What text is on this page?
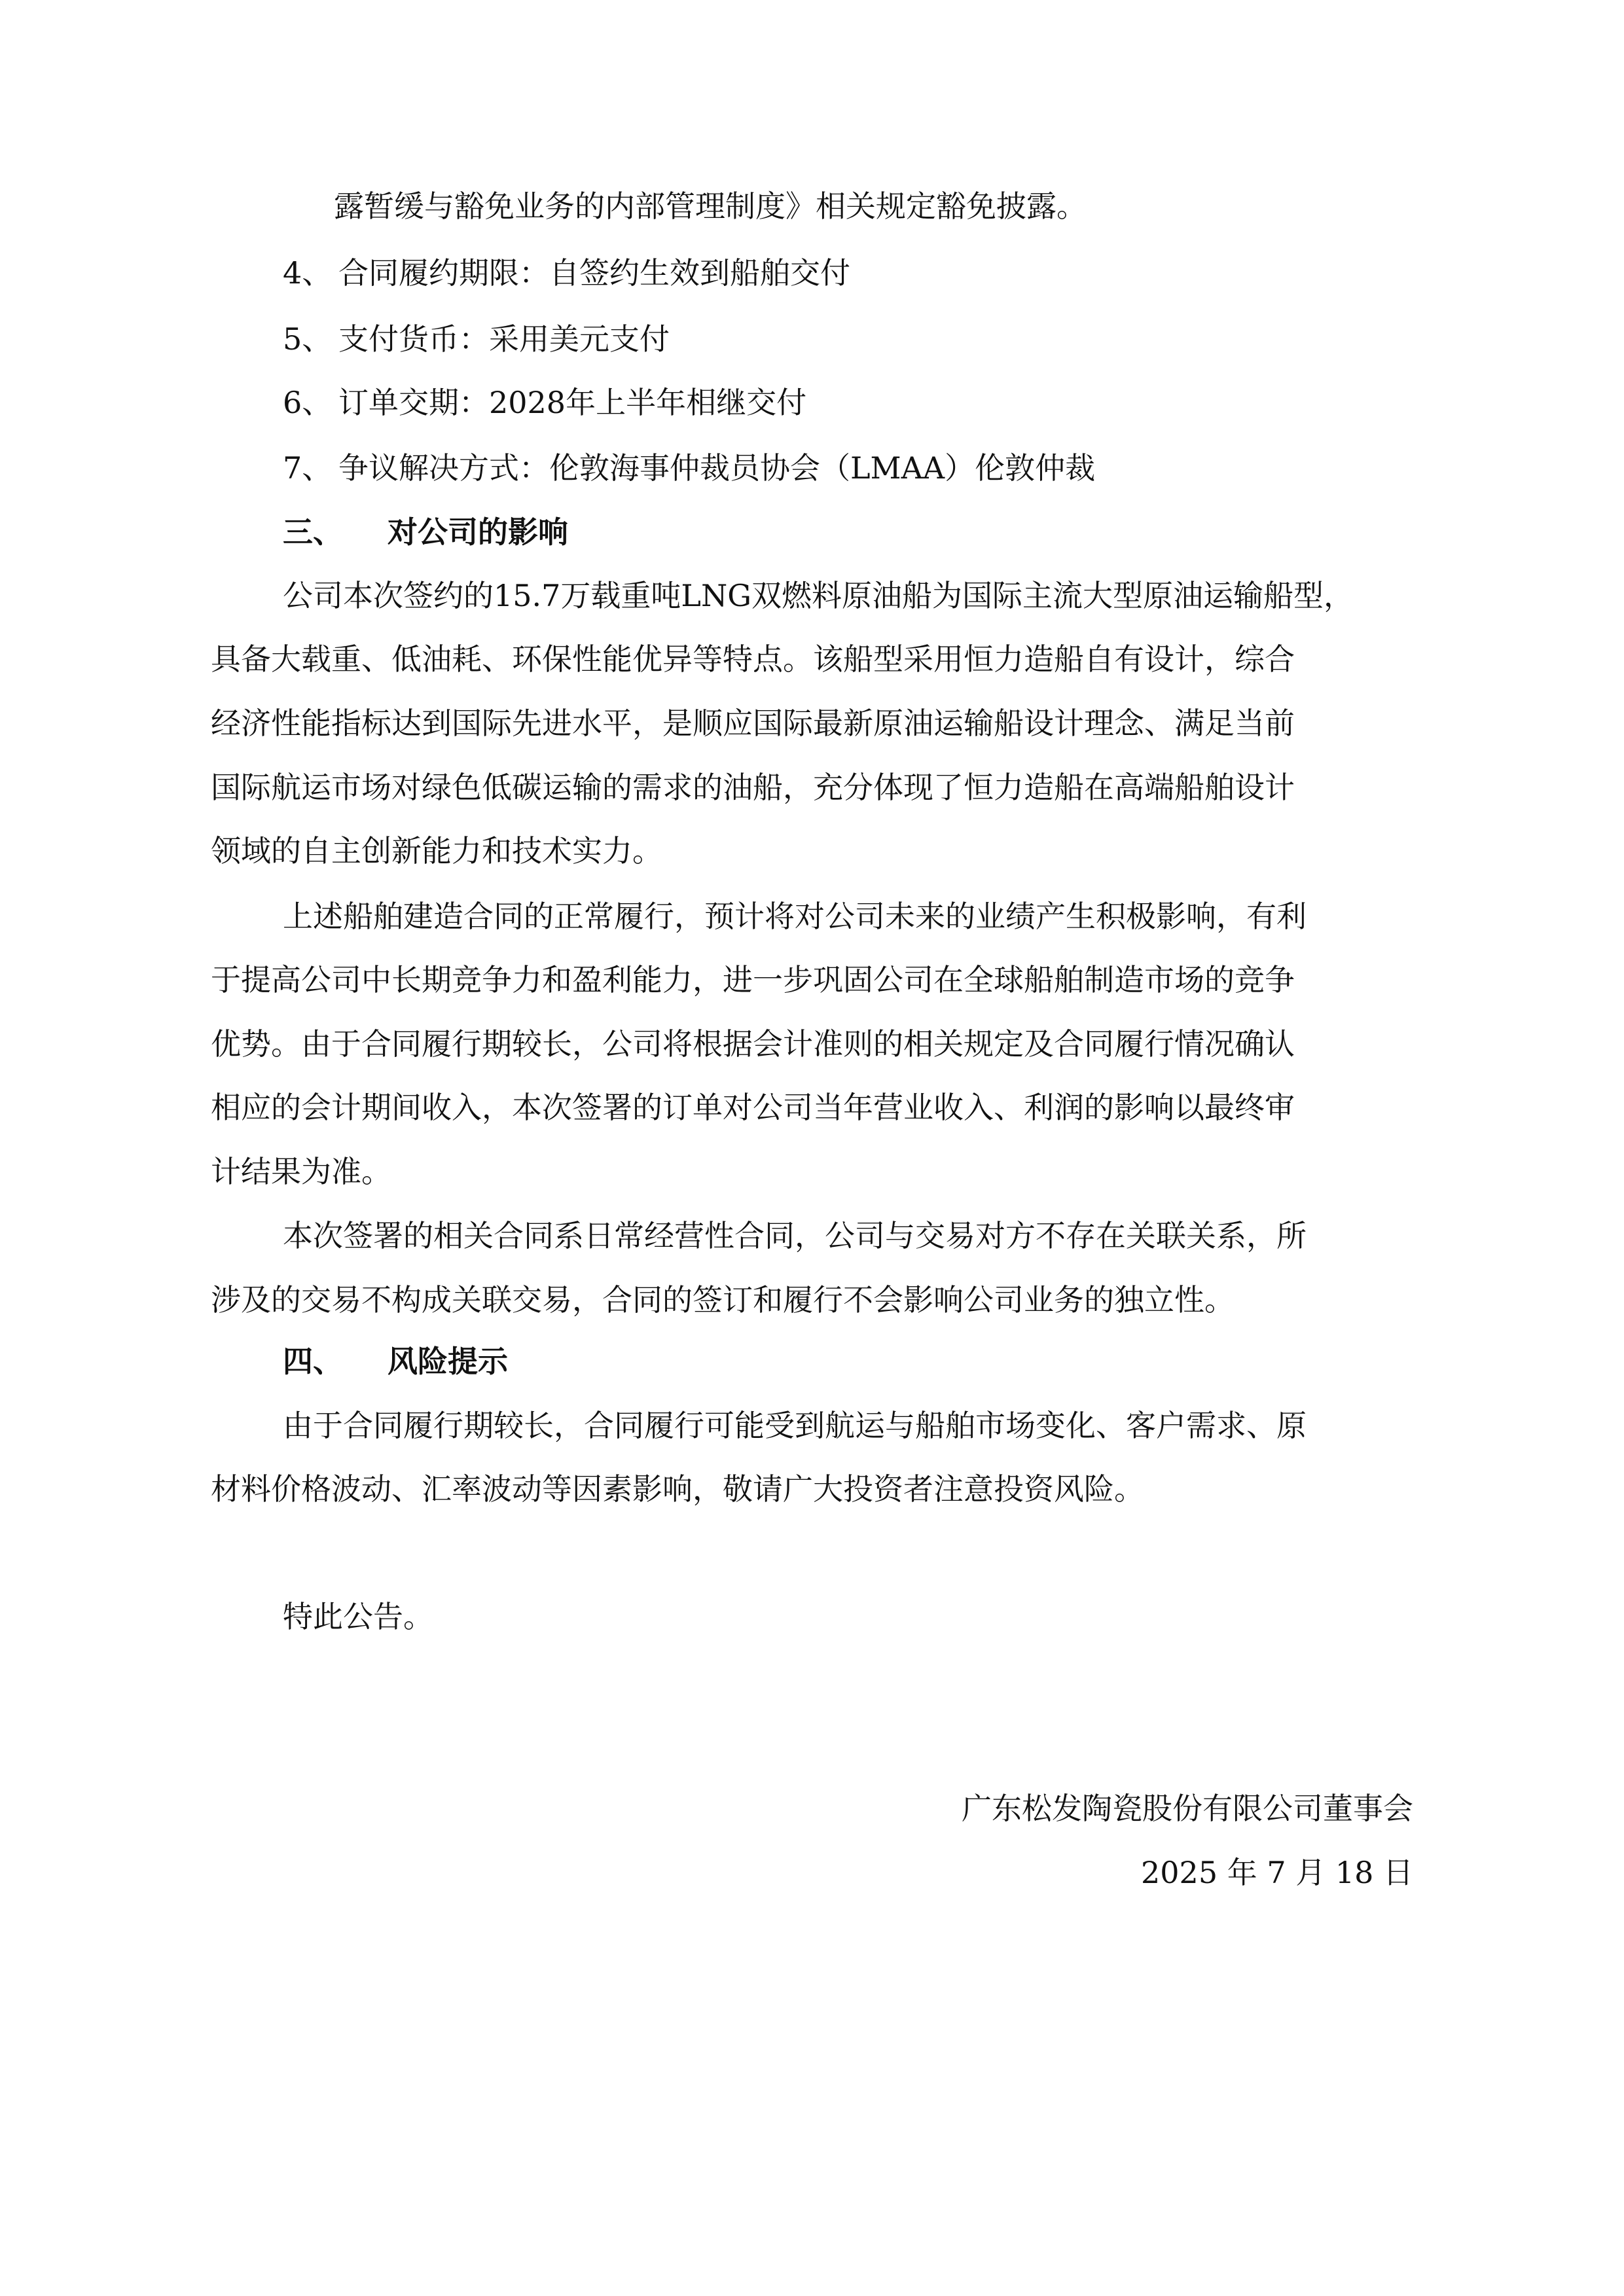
露暂缓与豁免业务的内部管理制度》相关规定豁免披露。
4、 合同履约期限：自签约生效到船舶交付
5、 支付货币：采用美元支付
6、 订单交期：2028年上半年相继交付
7、 争议解决方式：伦敦海事仲裁员协会（LMAA）伦敦仲裁
三、 对公司的影响
公司本次签约的15.7万载重吨LNG双燃料原油船为国际主流大型原油运输船型，
具备大载重、低油耗、环保性能优异等特点。该船型采用恒力造船自有设计，综合
经济性能指标达到国际先进水平，是顺应国际最新原油运输船设计理念、满足当前
国际航运市场对绿色低碳运输的需求的油船，充分体现了恒力造船在高端船舶设计
领域的自主创新能力和技术实力。
上述船舶建造合同的正常履行，预计将对公司未来的业绩产生积极影响，有利
于提高公司中长期竞争力和盈利能力，进一步巩固公司在全球船舶制造市场的竞争
优势。由于合同履行期较长，公司将根据会计准则的相关规定及合同履行情况确认
相应的会计期间收入，本次签署的订单对公司当年营业收入、利润的影响以最终审
计结果为准。
本次签署的相关合同系日常经营性合同，公司与交易对方不存在关联关系，所
涉及的交易不构成关联交易，合同的签订和履行不会影响公司业务的独立性。
四、 风险提示
由于合同履行期较长，合同履行可能受到航运与船舶市场变化、客户需求、原
材料价格波动、汇率波动等因素影响，敬请广大投资者注意投资风险。
特此公告。
广东松发陶瓷股份有限公司董事会
2025 年 7 月 18 日
